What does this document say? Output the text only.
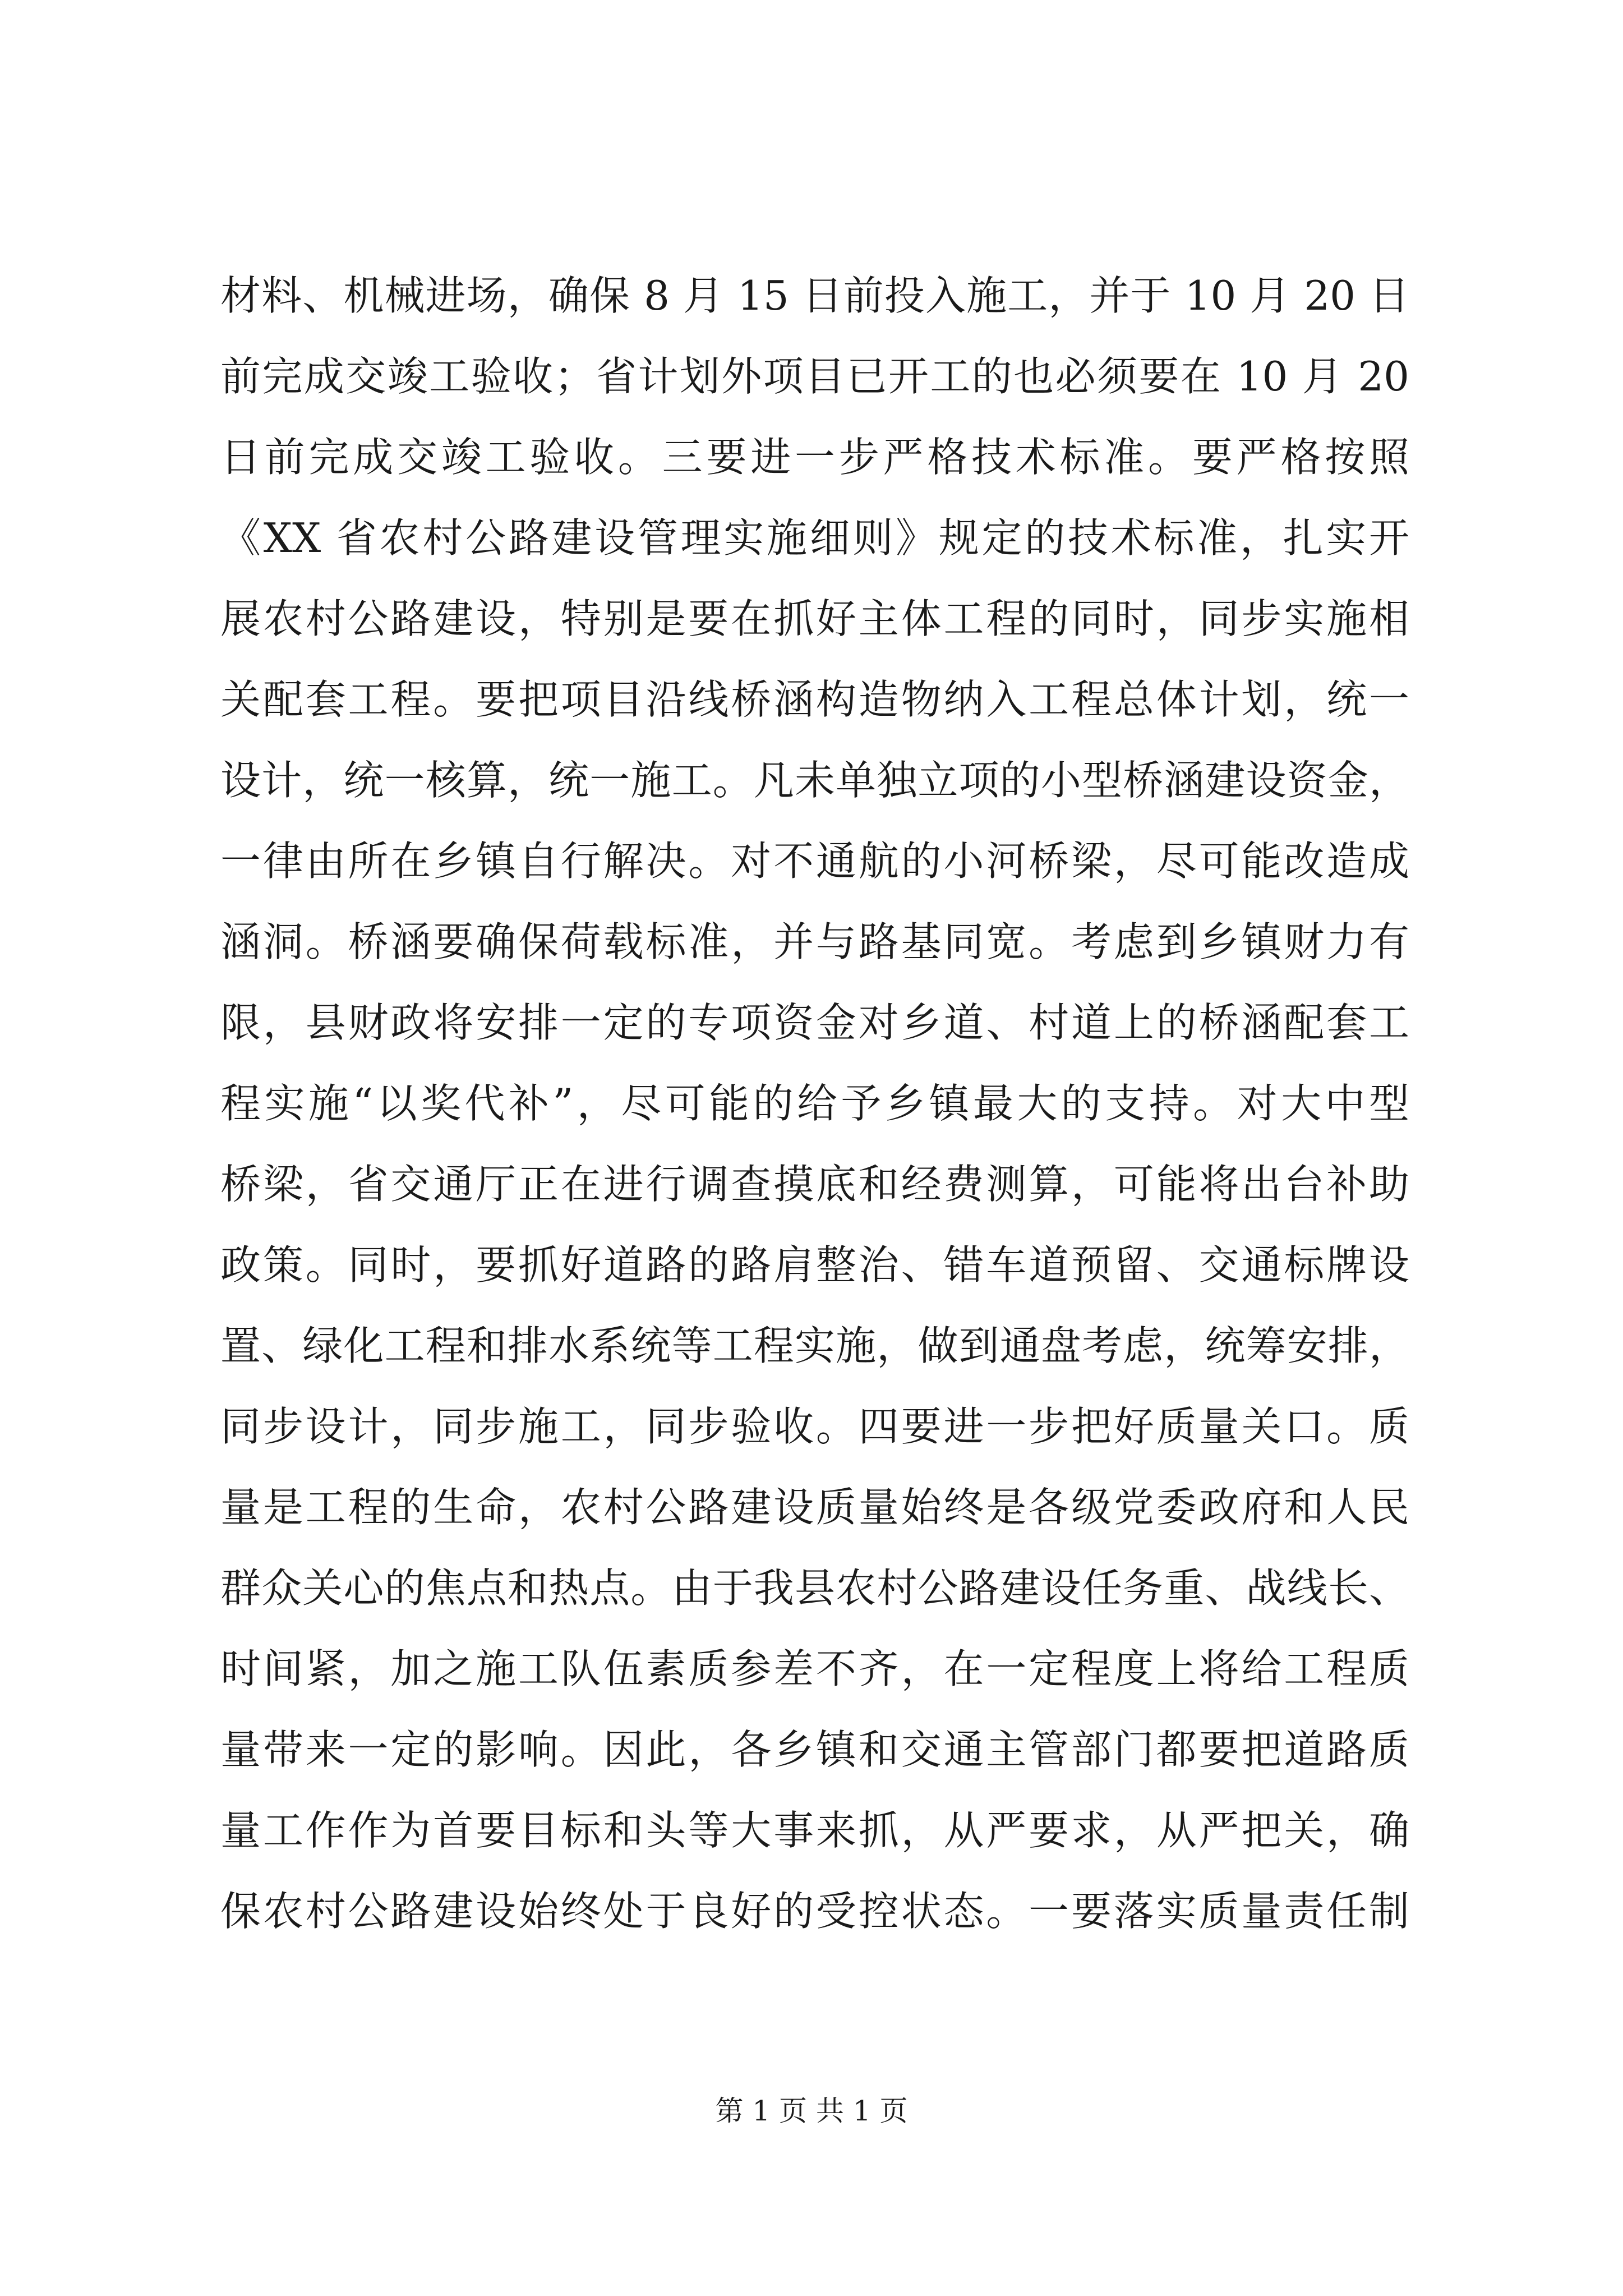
材料、机械进场，确保 8 月 15 日前投入施工，并于 10 月 20 日
前完成交竣工验收；省计划外项目已开工的也必须要在 10 月 20
日前完成交竣工验收。三要进一步严格技术标准。要严格按照
《XX 省农村公路建设管理实施细则》规定的技术标准，扎实开
展农村公路建设，特别是要在抓好主体工程的同时，同步实施相
关配套工程。要把项目沿线桥涵构造物纳入工程总体计划，统一
设计，统一核算，统一施工。凡未单独立项的小型桥涵建设资金，
一律由所在乡镇自行解决。对不通航的小河桥梁，尽可能改造成
涵洞。桥涵要确保荷载标准，并与路基同宽。考虑到乡镇财力有
限，县财政将安排一定的专项资金对乡道、村道上的桥涵配套工
程实施“以奖代补”，尽可能的给予乡镇最大的支持。对大中型
桥梁，省交通厅正在进行调查摸底和经费测算，可能将出台补助
政策。同时，要抓好道路的路肩整治、错车道预留、交通标牌设
置、绿化工程和排水系统等工程实施，做到通盘考虑，统筹安排，
同步设计，同步施工，同步验收。四要进一步把好质量关口。质
量是工程的生命，农村公路建设质量始终是各级党委政府和人民
群众关心的焦点和热点。由于我县农村公路建设任务重、战线长、
时间紧，加之施工队伍素质参差不齐，在一定程度上将给工程质
量带来一定的影响。因此，各乡镇和交通主管部门都要把道路质
量工作作为首要目标和头等大事来抓，从严要求，从严把关，确
保农村公路建设始终处于良好的受控状态。一要落实质量责任制
第 1 页 共 1 页
